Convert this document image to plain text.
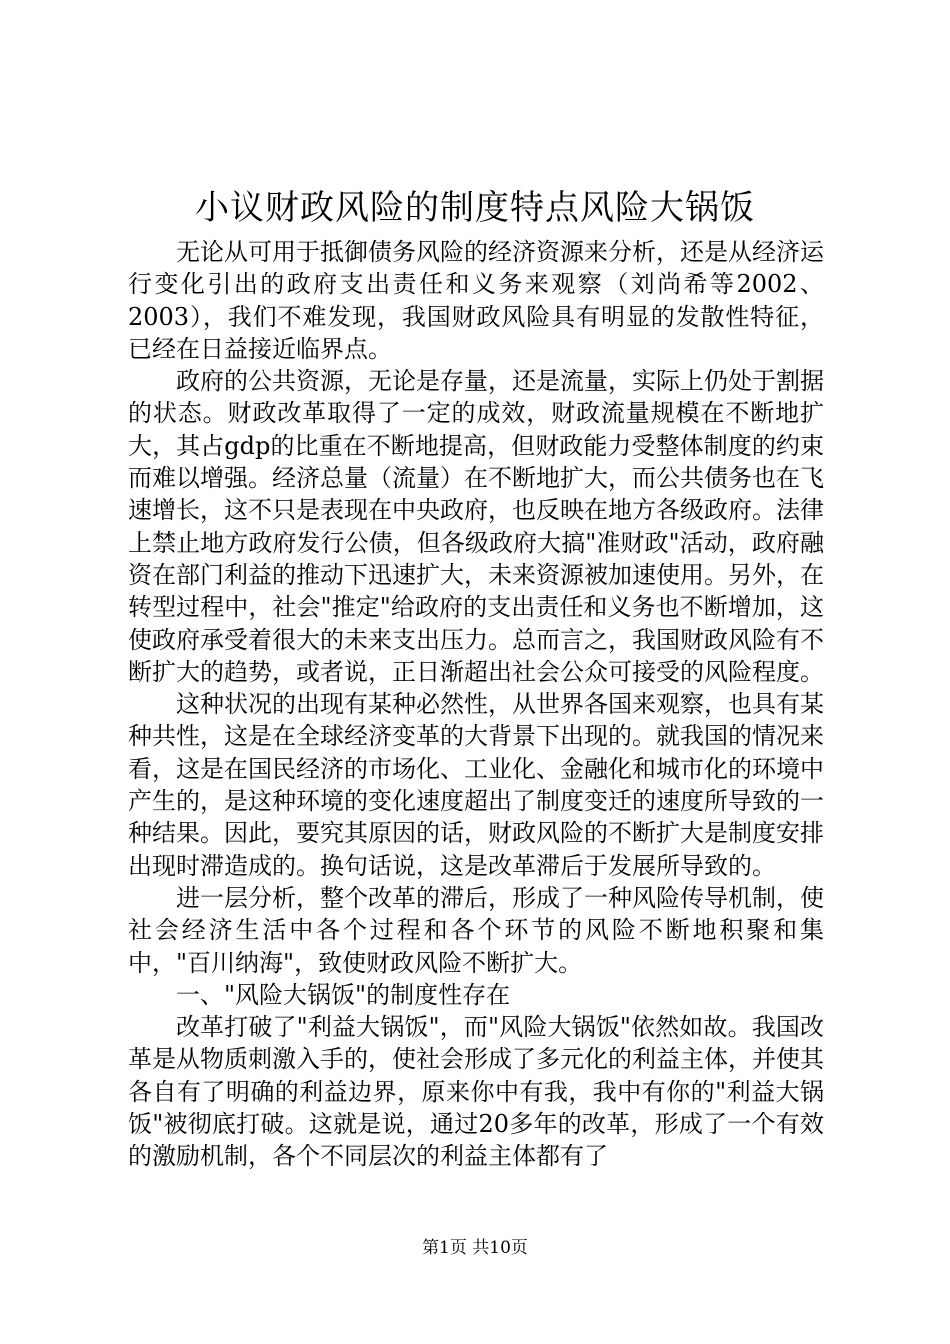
小议财政风险的制度特点风险大锅饭

无论从可用于抵御债务风险的经济资源来分析，还是从经济运行变化引出的政府支出责任和义务来观察（刘尚希等2002、2003），我们不难发现，我国财政风险具有明显的发散性特征，已经在日益接近临界点。

政府的公共资源，无论是存量，还是流量，实际上仍处于割据的状态。财政改革取得了一定的成效，财政流量规模在不断地扩大，其占gdp的比重在不断地提高，但财政能力受整体制度的约束而难以增强。经济总量（流量）在不断地扩大，而公共债务也在飞速增长，这不只是表现在中央政府，也反映在地方各级政府。法律上禁止地方政府发行公债，但各级政府大搞"准财政"活动，政府融资在部门利益的推动下迅速扩大，未来资源被加速使用。另外，在转型过程中，社会"推定"给政府的支出责任和义务也不断增加，这使政府承受着很大的未来支出压力。总而言之，我国财政风险有不断扩大的趋势，或者说，正日渐超出社会公众可接受的风险程度。

这种状况的出现有某种必然性，从世界各国来观察，也具有某种共性，这是在全球经济变革的大背景下出现的。就我国的情况来看，这是在国民经济的市场化、工业化、金融化和城市化的环境中产生的，是这种环境的变化速度超出了制度变迁的速度所导致的一种结果。因此，要究其原因的话，财政风险的不断扩大是制度安排出现时滞造成的。换句话说，这是改革滞后于发展所导致的。

进一层分析，整个改革的滞后，形成了一种风险传导机制，使社会经济生活中各个过程和各个环节的风险不断地积聚和集中，"百川纳海"，致使财政风险不断扩大。

一、"风险大锅饭"的制度性存在

改革打破了"利益大锅饭"，而"风险大锅饭"依然如故。我国改革是从物质刺激入手的，使社会形成了多元化的利益主体，并使其各自有了明确的利益边界，原来你中有我，我中有你的"利益大锅饭"被彻底打破。这就是说，通过20多年的改革，形成了一个有效的激励机制，各个不同层次的利益主体都有了

第1页 共10页
